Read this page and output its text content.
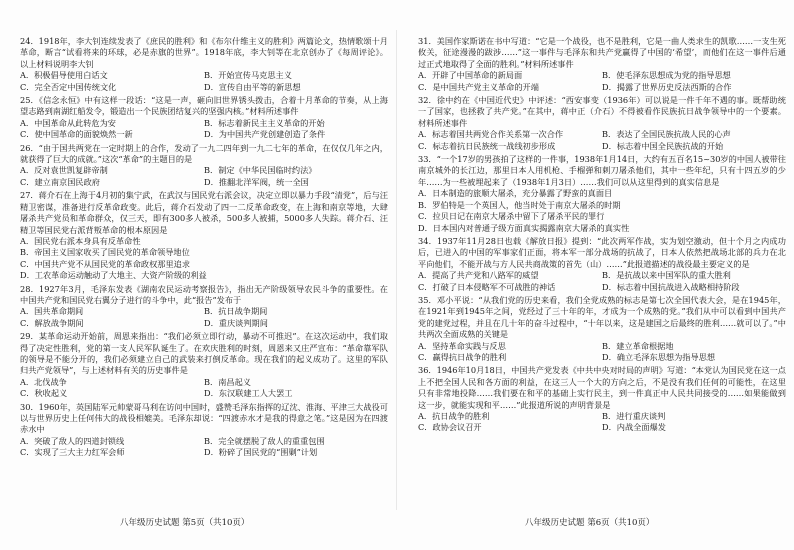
24．1918年，李大钊连续发表了《庶民的胜利》和《布尔什维主义的胜利》两篇论文，热情歌颂十月革命，断言“试看将来的环球，必是赤旗的世界”。1918年底，李大钊等在北京创办了《每周评论》。以上材料说明李大钊
A．积极倡导使用白话文	B．开始宣传马克思主义
C．完全否定中国传统文化	D．宣传自由平等的新思想
25．《信念永恒》中有这样一段话：“这是一声，砸向旧世界锈头拨击，合着十月革命的节奏，从上海望志路到南湖红船发令，锻造出一个民族团结复兴的坚强内核。”材料所述事件
A．中国革命从此转危为安	B．标志着新民主主义革命的开始
C．使中国革命的面貌焕然一新	D．为中国共产党创建创造了条件
26．“由于国共两党在一定时期上的合作，发动了一九二四年到一九二七年的革命，在仅仅几年之内，就获得了巨大的成就。”这次“革命”的主题目的是
A．反对袁世凯复辟帝制	B．制定《中华民国临时约法》
C．建立南京国民政府	D．推翻北洋军阀，统一全国
27．蒋介石在上海于4月初的集宁武，在武汉与国民党右派会议，决定立即以暴力手段“清党”，后与汪精卫密谋，准备进行反革命政变。此后，蒋介石发动了四一二反革命政变，在上海和南京等地，大肆屠杀共产党员和革命群众，仅三天，即有300多人被杀，500多人被捕，5000多人失踪。蒋介石、汪精卫等国民党右派背叛革命的根本原因是
A．国民党右派本身具有反革命性
B．帝国主义国家收买了国民党的革命领导地位
C．中国共产党不从国民党的革命政权那里追求
D．工农革命运动触动了大地主、大资产阶级的利益
28．1927年3月，毛泽东发表《湖南农民运动考察报告》，指出无产阶级领导农民斗争的重要性。在中国共产党和国民党右翼分子进行的斗争中，此“报告”发布于
A．国共革命期间	B．抗日战争期间
C．解放战争期间	D．重庆谈判期间
29．某革命运动开始前，周恩来指出：“我们必须立即行动，暴动不可推迟”。在这次运动中，我们取得了决定性胜利，党的第一支人民军队诞生了。在欢庆胜利的时刻，周恩来又庄严宣布：“革命靠军队的领导是不能分开的，我们必须建立自己的武装来打倒反革命。现在我们的起义成功了。这里的军队归共产党领导”，与上述材料有关的历史事件是
A．北伐战争	B．南昌起义
C．秋收起义	D．东汉联建工人大罢工
30．1960年，英国陆军元帅蒙哥马利在访问中国时，盛赞毛泽东指挥的辽沈、淮海、平津三大战役可以与世界历史上任何伟大的战役相媲美。毛泽东却说：“四渡赤水才是我的得意之笔。”这是因为在四渡赤水中
A．突破了敌人的四道封锁线	B．完全就摆脱了敌人的重重包围
C．实现了三大主力红军会师	D．粉碎了国民党的“围剿”计划
31．美国作家斯诺在书中写道：“它是一个战役，也不是胜利，它是一曲人类求生的凯歌……一支生死攸关，征途漫漫的跋涉……”这一事件与毛泽东和共产党赢得了中国的‘希望’，而他们在这一事件后通过正式地取得了全面的胜利。”材料所述事件
A．开辟了中国革命的新局面	B．使毛泽东思想成为党的指导思想
C．是中国共产党主义革命的开端	D．揭露了世界历史反法西斯的合作
32．徐中约在《中国近代史》中评述：“西安事变（1936年）可以说是一件千年不遇的事。既帮助统一了国家，也拯救了共产党。”在其中，蒋中正（介石）不得被看作民族抗日战争领导中的一个要素。材料所述事件
A．标志着国共两党合作关系第一次合作	B．表达了全国民族抗战人民的心声
C．标志着抗日民族统一战线初步形成	D．标志着中国全民族抗战的开始
33．“一个17岁的男孩拍了这样的一件事，1938年1月14日，大约有五百名15~30岁的中国人被带往南京城外的长江边，那里日本人用机枪、手榴弹和刺刀屠杀他们，其中一些年纪，只有十四五岁的少年……为一些被埋起来了（1938年1月3日）……我们可以从这里得到的真实信息是
A．日本制造的旅顺大屠杀，充分暴露了野蛮的真面目
B．罗伯特是一个英国人，他当时处于南京大屠杀的时期
C．拉贝日记在南京大屠杀中留下了屠杀平民的罪行
D．日本国内对普通子级方面真实揭露南京大屠杀的真实性
34．1937年11月28日也载《解放日报》提到：“此次两军作战，实为划空激动，但十个月之内成功后，已进入的中国的军事家们正面，将本军一部分战场的抗战了，日本人依然把战场北部的兵力在北平向他们，不能开战与方人民共商战策的首先（山）……”此报道描述的战役最主要定义的是
A．提高了共产党和八路军的威望	B．是抗战以来中国军队的重大胜利
C．打破了日本侵略军不可战胜的神话	D．标志着中国抗战进入战略相持阶段
35．邓小平说：“从我们党的历史来看，我们全党成熟的标志是第七次全国代表大会，是在1945年，在1921年到1945年之间，党经过了三十年的年，才成为一个成熟的党。”我们从中可以看到中国共产党的建党过程，并且在几十年的奋斗过程中，“十年以来，这是建国之后最终的胜利……就可以了。”中共两次全面成熟的关键是
A．坚持革命实践与反思	B．建立革命根据地
C．赢得抗日战争的胜利	D．确立毛泽东思想为指导思想
36．1946年10月18日，中国共产党发表《中共中央对时局的声明》写道：“本党认为国民党在这一点上不把全国人民和各方面的利益，在这三人一个大的方向之后，不是没有我们任何的可能性，在这里只有非常地投降……我们要在和平的基础上实行民主，到一件真正中人民共同接受的……如果能做到这一步，就能实现和平……”此报道所说的声明背景是
A．抗日战争的胜利	B．进行重庆谈判
C．政协会议召开	D．内战全面爆发
八年级历史试题 第5页（共10页）	八年级历史试题 第6页（共10页）
